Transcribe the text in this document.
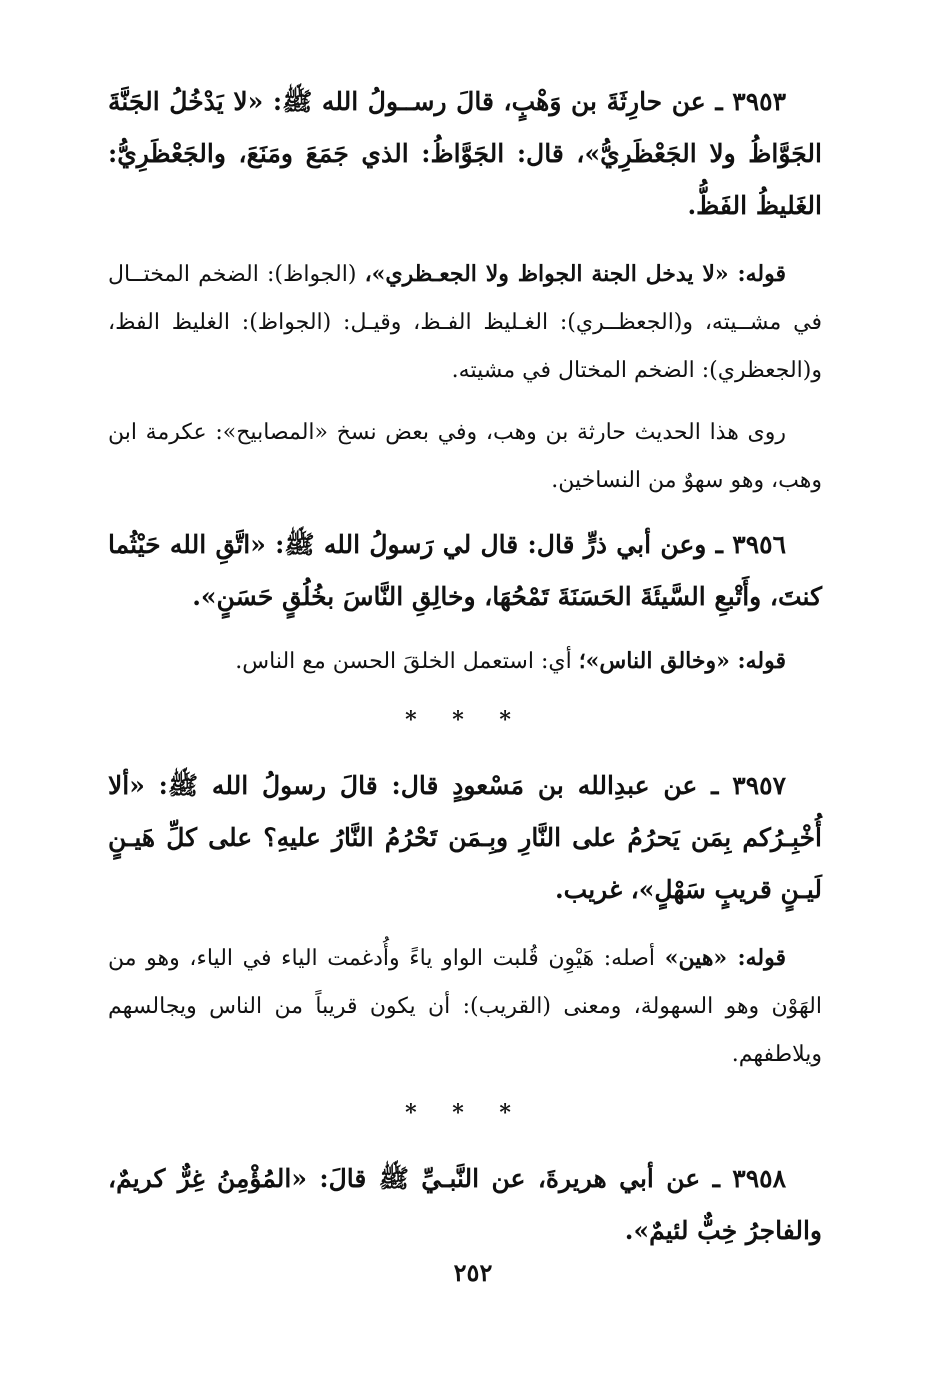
٣٩٥٣ ـ عن حارِثَةَ بن وَهْبٍ، قالَ رســولُ الله ﷺ: «لا يَدْخُلُ الجَنَّةَ الجَوَّاظُ ولا الجَعْظَرِيُّ»، قال: الجَوَّاظُ: الذي جَمَعَ ومَنَعَ، والجَعْظَرِيُّ: الغَليظُ الفَظُّ.

قوله: «لا يدخل الجنة الجواظ ولا الجعـظري»، (الجواظ): الضخم المختــال في مشــيته، و(الجعظــري): الغـليظ الفـظ، وقيـل: (الجواظ): الغليظ الفظ، و(الجعظري): الضخم المختال في مشيته.

روى هذا الحديث حارثة بن وهب، وفي بعض نسخ «المصابيح»: عكرمة ابن وهب، وهو سهوٌ من النساخين.

٣٩٥٦ ـ وعن أبي ذرٍّ قال: قال لي رَسولُ الله ﷺ: «اتَّقِ الله حَيْثُما كنتَ، وأَتْبعِ السَّيئَةَ الحَسَنَةَ تَمْحُهَا، وخالِقِ النَّاسَ بخُلُقٍ حَسَنٍ».

قوله: «وخالق الناس»؛ أي: استعمل الخلقَ الحسن مع الناس.

* * *

٣٩٥٧ ـ عن عبدِالله بن مَسْعودٍ قال: قالَ رسولُ الله ﷺ: «ألا أُخْبِـرُكم بِمَن يَحرُمُ على النَّارِ وبِـمَن تَحْرُمُ النَّارُ عليهِ؟ على كلِّ هَيـنٍ لَيـنٍ قريبٍ سَهْلٍ»، غريب.

قوله: «هين» أصله: هَيْوِن قُلبت الواو ياءً وأُدغمت الياء في الياء، وهو من الهَوْن وهو السهولة، ومعنى (القريب): أن يكون قريباً من الناس ويجالسهم ويلاطفهم.

* * *

٣٩٥٨ ـ عن أبي هريرةَ، عن النَّبـيِّ ﷺ قالَ: «المُؤْمِنُ غِرٌّ كريمٌ، والفاجرُ خِبٌّ لئيمٌ».

٢٥٢
